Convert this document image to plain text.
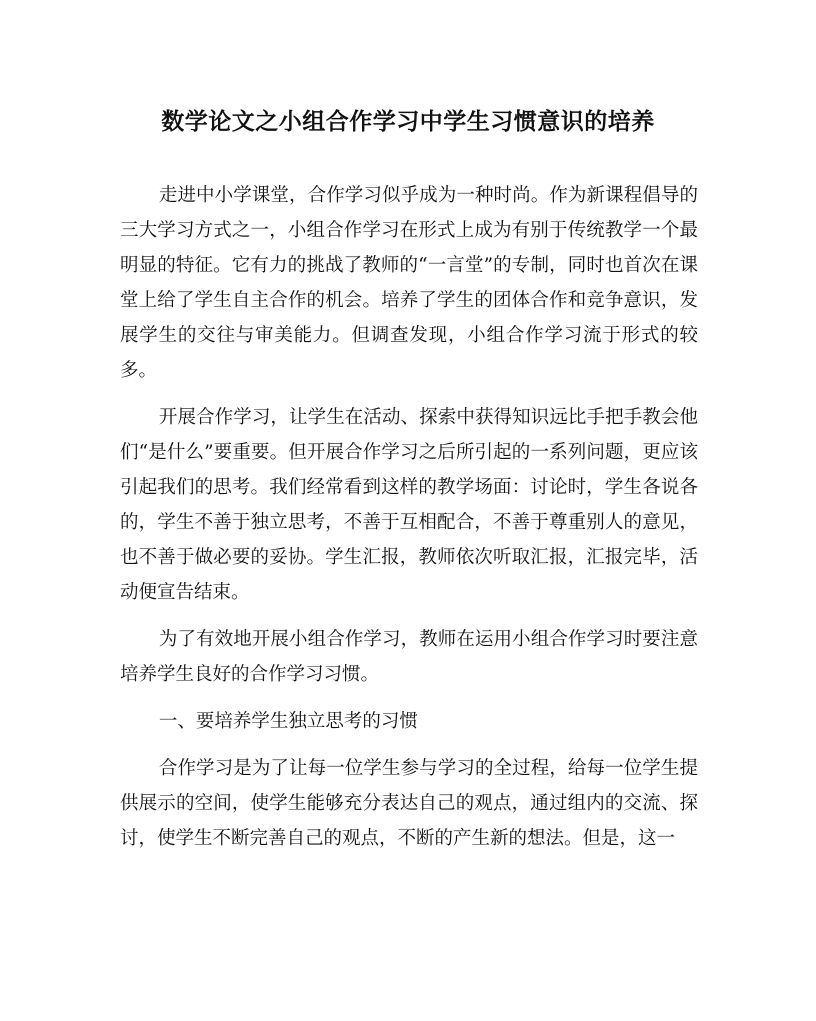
数学论文之小组合作学习中学生习惯意识的培养

走进中小学课堂，合作学习似乎成为一种时尚。作为新课程倡导的三大学习方式之一，小组合作学习在形式上成为有别于传统教学一个最明显的特征。它有力的挑战了教师的“一言堂”的专制，同时也首次在课堂上给了学生自主合作的机会。培养了学生的团体合作和竞争意识，发展学生的交往与审美能力。但调查发现，小组合作学习流于形式的较多。

开展合作学习，让学生在活动、探索中获得知识远比手把手教会他们“是什么”要重要。但开展合作学习之后所引起的一系列问题，更应该引起我们的思考。我们经常看到这样的教学场面：讨论时，学生各说各的，学生不善于独立思考，不善于互相配合，不善于尊重别人的意见，也不善于做必要的妥协。学生汇报，教师依次听取汇报，汇报完毕，活动便宣告结束。

为了有效地开展小组合作学习，教师在运用小组合作学习时要注意培养学生良好的合作学习习惯。

一、要培养学生独立思考的习惯

合作学习是为了让每一位学生参与学习的全过程，给每一位学生提供展示的空间，使学生能够充分表达自己的观点，通过组内的交流、探讨，使学生不断完善自己的观点，不断的产生新的想法。但是，这一
